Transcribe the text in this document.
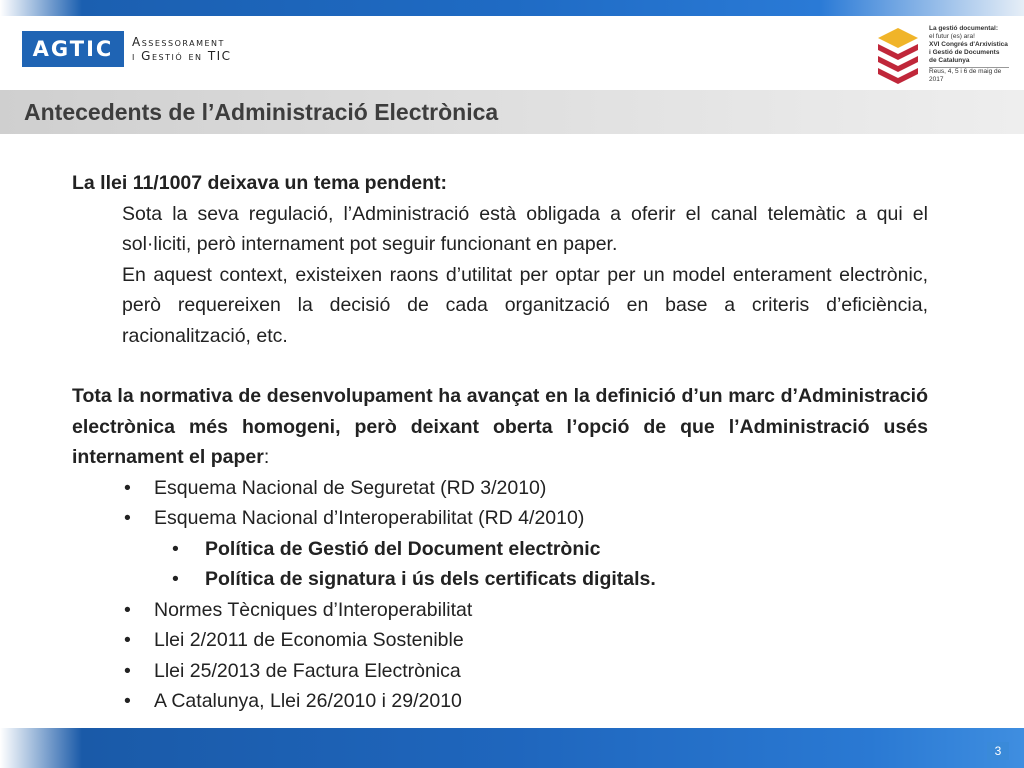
AGTIC	Assessorament
i Gestió en TIC
La gestió documental:
el futur (es) ara!
XVI Congrés d'Arxivística
i Gestió de Documents
de Catalunya
Reus, 4, 5 i 6 de maig de 2017
Antecedents de l’Administració Electrònica

La llei 11/1007 deixava un tema pendent:

Sota la seva regulació, l’Administració està obligada a oferir el canal telemàtic a qui el sol·liciti, però internament pot seguir funcionant en paper.

En aquest context, existeixen raons d’utilitat per optar per un model enterament electrònic, però requereixen la decisió de cada organització en base a criteris d’eficiència, racionalització, etc.

Tota la normativa de desenvolupament ha avançat en la definició d’un marc d’Administració electrònica més homogeni, però deixant oberta l’opció de que l’Administració usés internament el paper:

• Esquema Nacional de Seguretat (RD 3/2010)
• Esquema Nacional d’Interoperabilitat (RD 4/2010)
• Política de Gestió del Document electrònic
• Política de signatura i ús dels certificats digitals.
• Normes Tècniques d’Interoperabilitat
• Llei 2/2011 de Economia Sostenible
• Llei 25/2013 de Factura Electrònica
• A Catalunya, Llei 26/2010 i 29/2010
3
